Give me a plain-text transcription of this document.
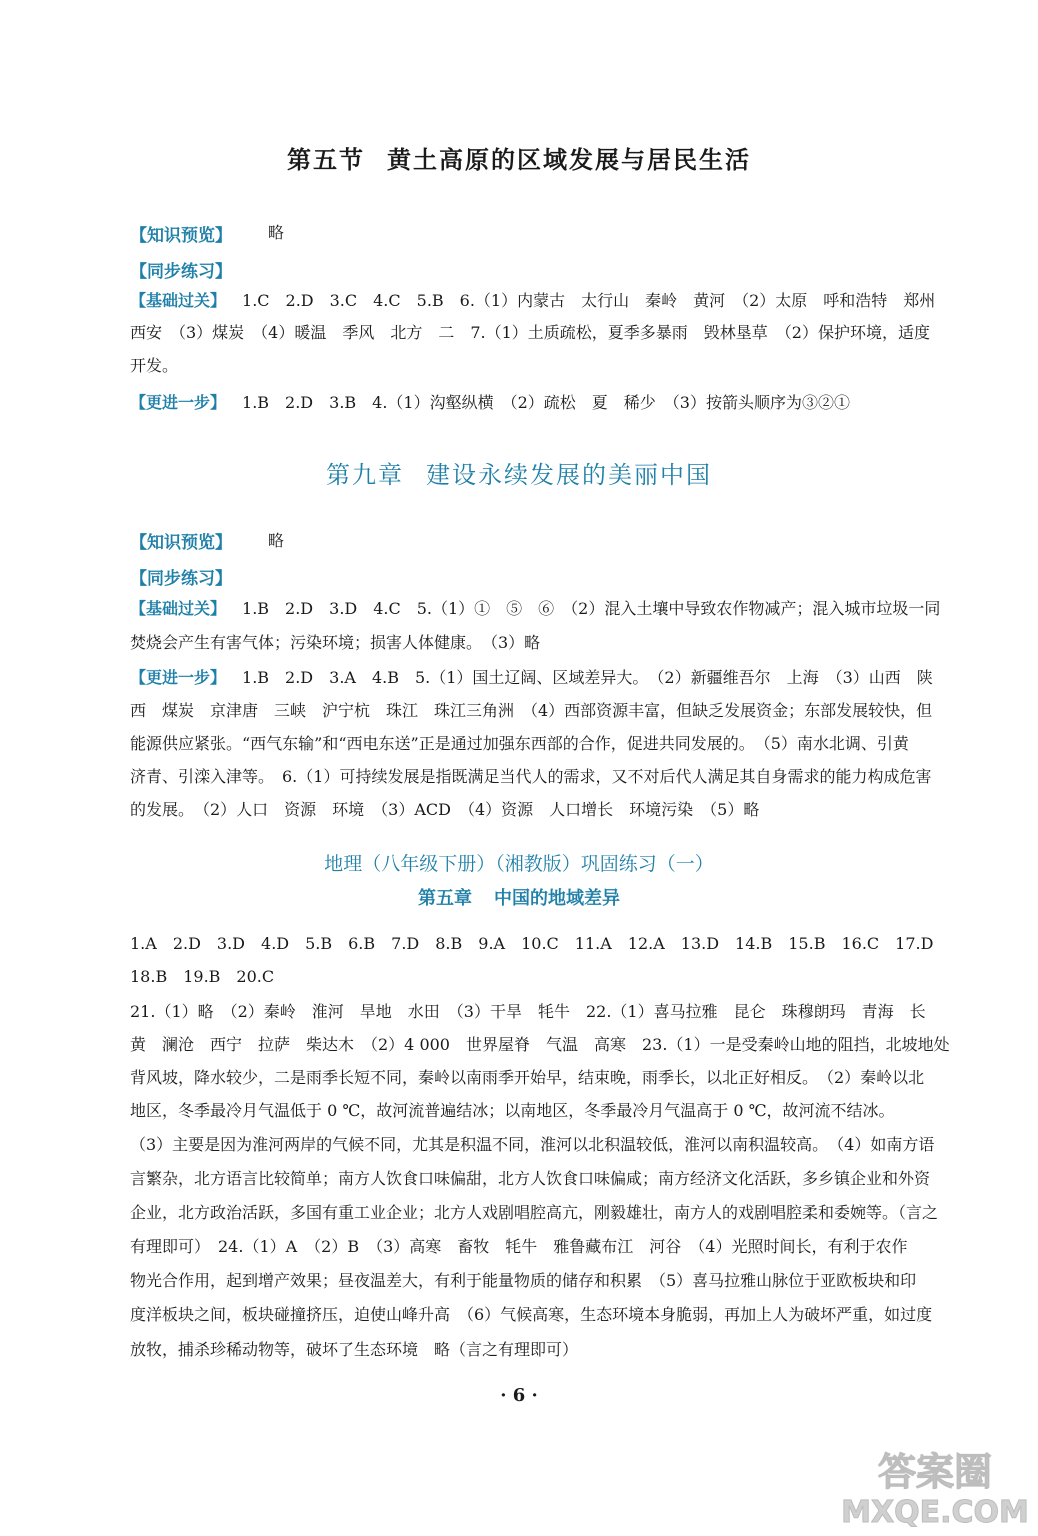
第五节 黄土高原的区域发展与居民生活
【知识预览】 略
【同步练习】
【基础过关】 1.C　2.D　3.C　4.C　5.B　6.（1）内蒙古　太行山　秦岭　黄河　（2）太原　呼和浩特　郑州
西安　（3）煤炭　（4）暖温　季风　北方　二　7.（1）土质疏松，夏季多暴雨　毁林垦草　（2）保护环境，适度
开发。
【更进一步】 1.B　2.D　3.B　4.（1）沟壑纵横　（2）疏松　夏　稀少　（3）按箭头顺序为③②①
第九章 建设永续发展的美丽中国
【知识预览】 略
【同步练习】
【基础过关】 1.B　2.D　3.D　4.C　5.（1）①　⑤　⑥　（2）混入土壤中导致农作物减产；混入城市垃圾一同
焚烧会产生有害气体；污染环境；损害人体健康。　（3）略
【更进一步】 1.B　2.D　3.A　4.B　5.（1）国土辽阔、区域差异大。　（2）新疆维吾尔　上海　（3）山西　陕
西　煤炭　京津唐　三峡　沪宁杭　珠江　珠江三角洲　（4）西部资源丰富，但缺乏发展资金；东部发展较快，但
能源供应紧张。“西气东输”和“西电东送”正是通过加强东西部的合作，促进共同发展的。　（5）南水北调、引黄
济青、引滦入津等。　6.（1）可持续发展是指既满足当代人的需求，又不对后代人满足其自身需求的能力构成危害
的发展。　（2）人口　资源　环境　（3）ACD　（4）资源　人口增长　环境污染　（5）略
地理（八年级下册）（湘教版）巩固练习（一）
第五章 中国的地域差异
1.A　2.D　3.D　4.D　5.B　6.B　7.D　8.B　9.A　10.C　11.A　12.A　13.D　14.B　15.B　16.C　17.D
18.B　19.B　20.C
21.（1）略　（2）秦岭　淮河　旱地　水田　（3）干旱　牦牛　22.（1）喜马拉雅　昆仑　珠穆朗玛　青海　长
黄　澜沧　西宁　拉萨　柴达木　（2）4 000　世界屋脊　气温　高寒　23.（1）一是受秦岭山地的阻挡，北坡地处
背风坡，降水较少，二是雨季长短不同，秦岭以南雨季开始早，结束晚，雨季长，以北正好相反。　（2）秦岭以北
地区，冬季最冷月气温低于 0 ℃，故河流普遍结冰；以南地区，冬季最冷月气温高于 0 ℃，故河流不结冰。
（3）主要是因为淮河两岸的气候不同，尤其是积温不同，淮河以北积温较低，淮河以南积温较高。　（4）如南方语
言繁杂，北方语言比较简单；南方人饮食口味偏甜，北方人饮食口味偏咸；南方经济文化活跃，多乡镇企业和外资
企业，北方政治活跃，多国有重工业企业；北方人戏剧唱腔高亢，刚毅雄壮，南方人的戏剧唱腔柔和委婉等。（言之
有理即可）　24.（1）A　（2）B　（3）高寒　畜牧　牦牛　雅鲁藏布江　河谷　（4）光照时间长，有利于农作
物光合作用，起到增产效果；昼夜温差大，有利于能量物质的储存和积累　（5）喜马拉雅山脉位于亚欧板块和印
度洋板块之间，板块碰撞挤压，迫使山峰升高　（6）气候高寒，生态环境本身脆弱，再加上人为破坏严重，如过度
放牧，捕杀珍稀动物等，破坏了生态环境　略（言之有理即可）
· 6 ·
答案圈
MXQE.COM
